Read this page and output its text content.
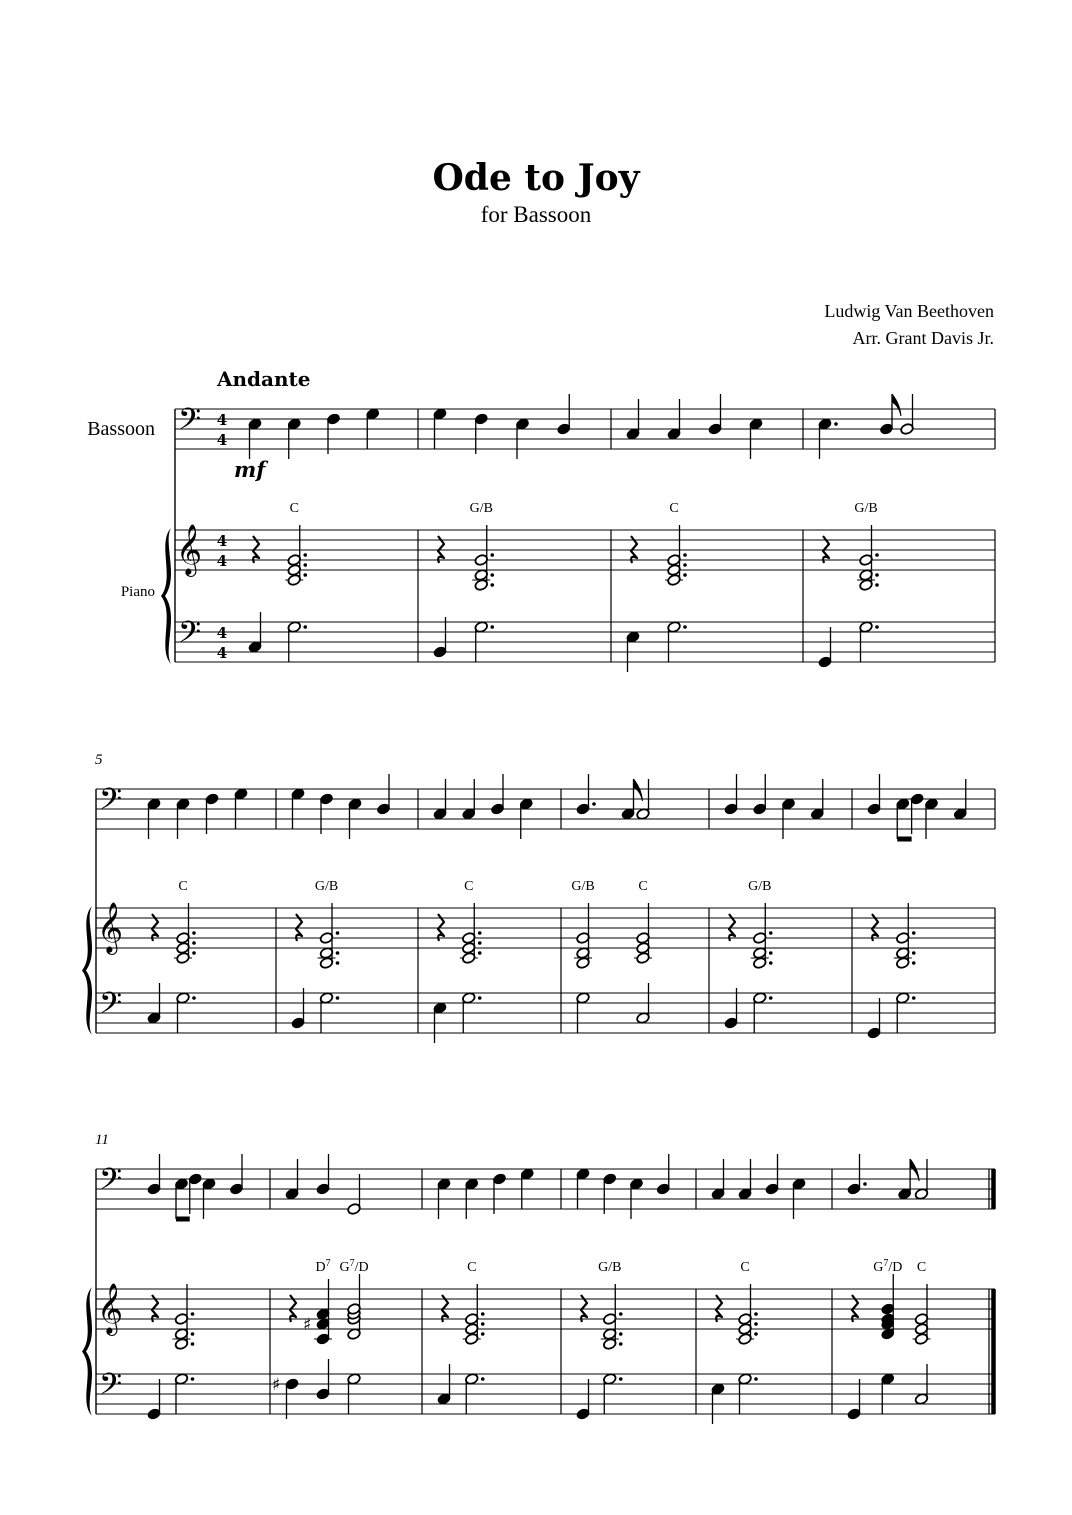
Ode to Joy
for Bassoon
Ludwig Van Beethoven
Arr. Grant Davis Jr.
Andante
mf
Bassoon
Piano
5
11
𝄢
𝄞
𝄢
4
4
4
4
4
4
C	G/B	C	G/B
𝄢
𝄞
𝄢
C	G/B	C	G/B	C	G/B
𝄢
𝄞
𝄢
♯
♯
$D^7$ $G^7/D$	C	G/B	C	$G^7/D$ C
